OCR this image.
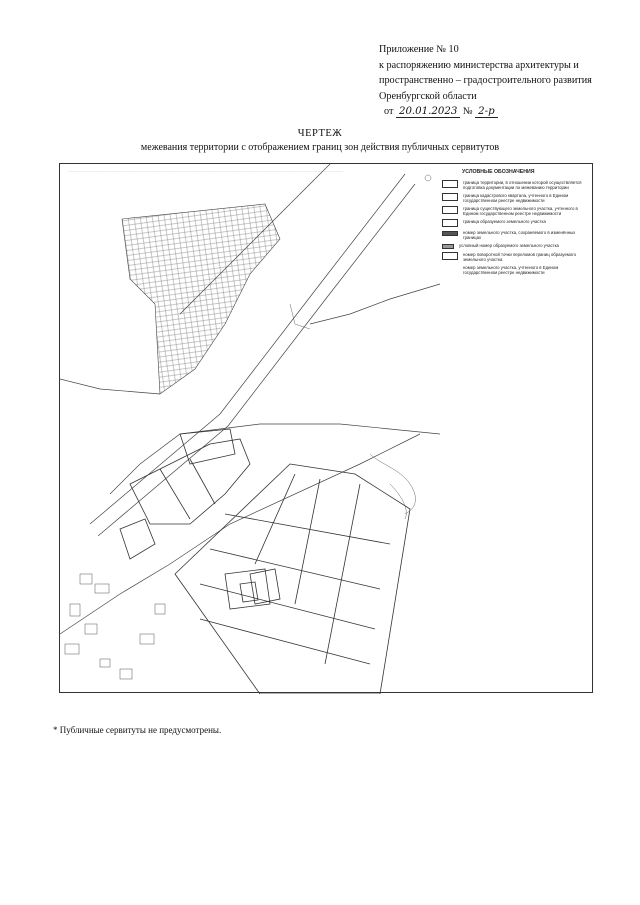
Приложение № 10
к распоряжению министерства архитектуры и
пространственно – градостроительного развития
Оренбургской области
от 20.01.2023 № 2-р
ЧЕРТЕЖ
межевания территории с отображением границ зон действия публичных сервитутов
·······································································································································································································································································································	УСЛОВНЫЕ ОБОЗНАЧЕНИЯ
граница территории, в отношении которой осуществляется подготовка документации по межеванию территории
граница кадастрового квартала, учтенного в Едином государственном реестре недвижимости
граница существующего земельного участка, учтенного в Едином государственном реестре недвижимости
граница образуемого земельного участка
номер земельного участка, сохраняемого в изменённых границах
условный номер образуемого земельного участка
номер поворотной точки переломов границ образуемого земельного участка
номер земельного участка, учтенного в Едином государственном реестре недвижимости
* Публичные сервитуты не предусмотрены.
